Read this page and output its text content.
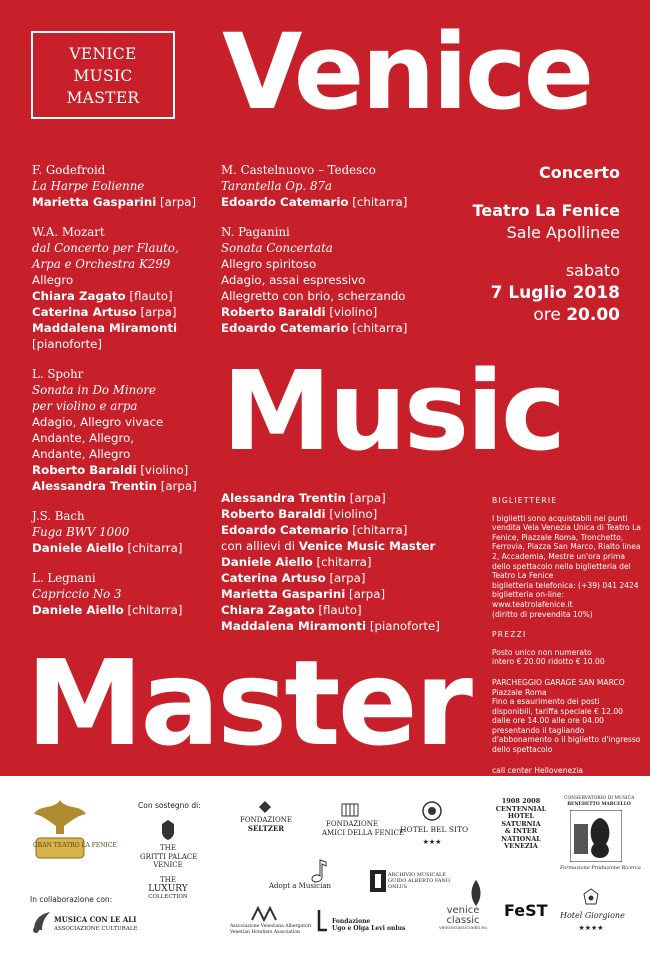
VENICE
MUSIC
MASTER Venice
Music
Master
F. Godefroid
La Harpe Eolienne
Marietta Gasparini [arpa]
W.A. Mozart
dal Concerto per Flauto,
Arpa e Orchestra K299
Allegro
Chiara Zagato [flauto]
Caterina Artuso [arpa]
Maddalena Miramonti
[pianoforte]
L. Spohr
Sonata in Do Minore
per violino e arpa
Adagio, Allegro vivace
Andante, Allegro,
Andante, Allegro
Roberto Baraldi [violino]
Alessandra Trentin [arpa]
J.S. Bach
Fuga BWV 1000
Daniele Aiello [chitarra]
L. Legnani
Capriccio No 3
Daniele Aiello [chitarra]
M. Castelnuovo – Tedesco
Tarantella Op. 87a
Edoardo Catemario [chitarra]
N. Paganini
Sonata Concertata
Allegro spiritoso
Adagio, assai espressivo
Allegretto con brio, scherzando
Roberto Baraldi [violino]
Edoardo Catemario [chitarra]
Alessandra Trentin [arpa]
Roberto Baraldi [violino]
Edoardo Catemario [chitarra]
con allievi di Venice Music Master
Daniele Aiello [chitarra]
Caterina Artuso [arpa]
Marietta Gasparini [arpa]
Chiara Zagato [flauto]
Maddalena Miramonti [pianoforte]
Concerto
Teatro La Fenice
Sale Apollinee
sabato
7 Luglio 2018
ore 20.00
BIGLIETTERIE
I biglietti sono acquistabili nei punti vendita Vela Venezia Unica di Teatro La Fenice, Piazzale Roma, Tronchetto, Ferrovia, Piazza San Marco, Rialto linea 2, Accademia, Mestre un'ora prima dello spettacolo nella biglietteria del Teatro La Fenice
biglietteria telefonica: (+39) 041 2424
biglietteria on-line: www.teatrolafenice.it
(diritto di prevendita 10%)
PREZZI
Posto unico non numerato
intero € 20.00 ridotto € 10.00
PARCHEGGIO GARAGE SAN MARCO
Piazzale Roma
Fino a esaurimento dei posti disponibili, tariffa speciale € 12.00 dalle ore 14.00 alle ore 04.00 presentando il tagliando d'abbonamento o il biglietto d'ingresso dello spettacolo
call center Hellovenezia
(+39) 041 2424
www.teatrolafenice.it
GRAN TEATRO LA FENICE
Con sostegno di:
THE
GRITTI PALACE
VENICE
THE
LUXURY
COLLECTION
In collaborazione con:
MUSICA CON LE ALI
ASSOCIAZIONE CULTURALE
FONDAZIONE
SELTZER	FONDAZIONE
AMICI DELLA FENICE
HOTEL BEL SITO
★★★
1908 2008
CENTENNIAL
HOTEL
SATURNIA
& INTER
NATIONAL
VENEZIA
CONSERVATORIO DI MUSICA
BENEDETTO MARCELLO
Formazione Produzione Ricerca
Adopt a Musician
ARCHIVIO MUSICALE
GUIDO ALBERTO FANO
ONLUS
Associazione Veneziana Albergatori
Venetian Hoteliers Association
Fondazione
Ugo e Olga Levi onlus
venice
classic
veniceclassicradio.eu
FeST Hotel Giorgione
★★★★
